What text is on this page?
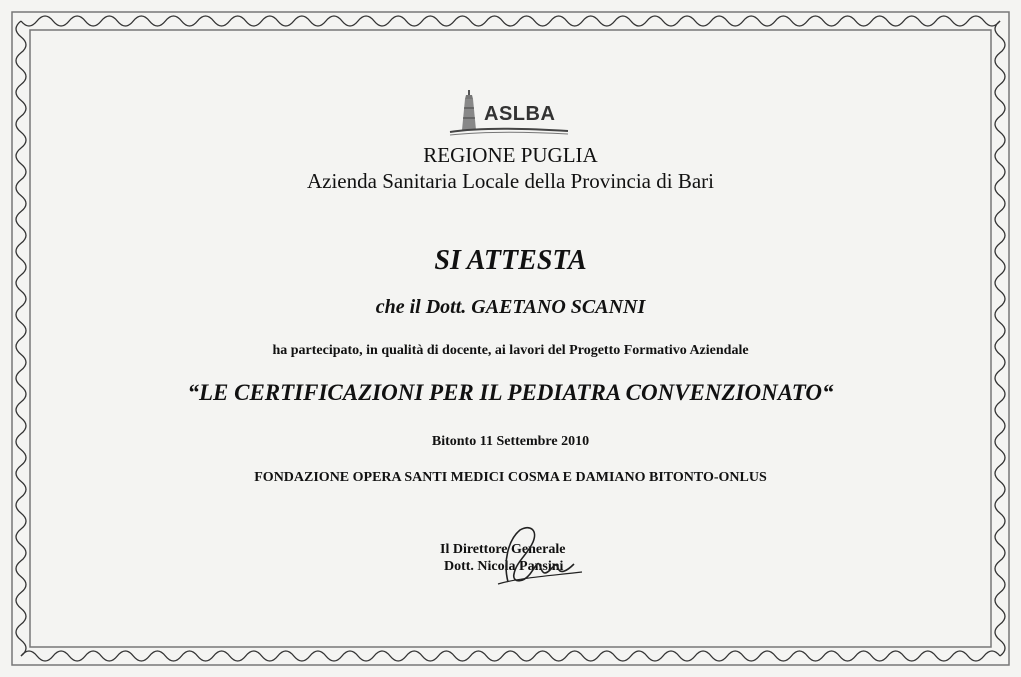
ASLBA
REGIONE PUGLIA
Azienda Sanitaria Locale della Provincia di Bari
SI ATTESTA
che il Dott. GAETANO SCANNI
ha partecipato, in qualità di docente, ai lavori del Progetto Formativo Aziendale
“LE CERTIFICAZIONI PER IL PEDIATRA CONVENZIONATO“
Bitonto 11 Settembre 2010
FONDAZIONE OPERA SANTI MEDICI COSMA E DAMIANO BITONTO-ONLUS
Il Direttore Generale
Dott. Nicola Pansini
